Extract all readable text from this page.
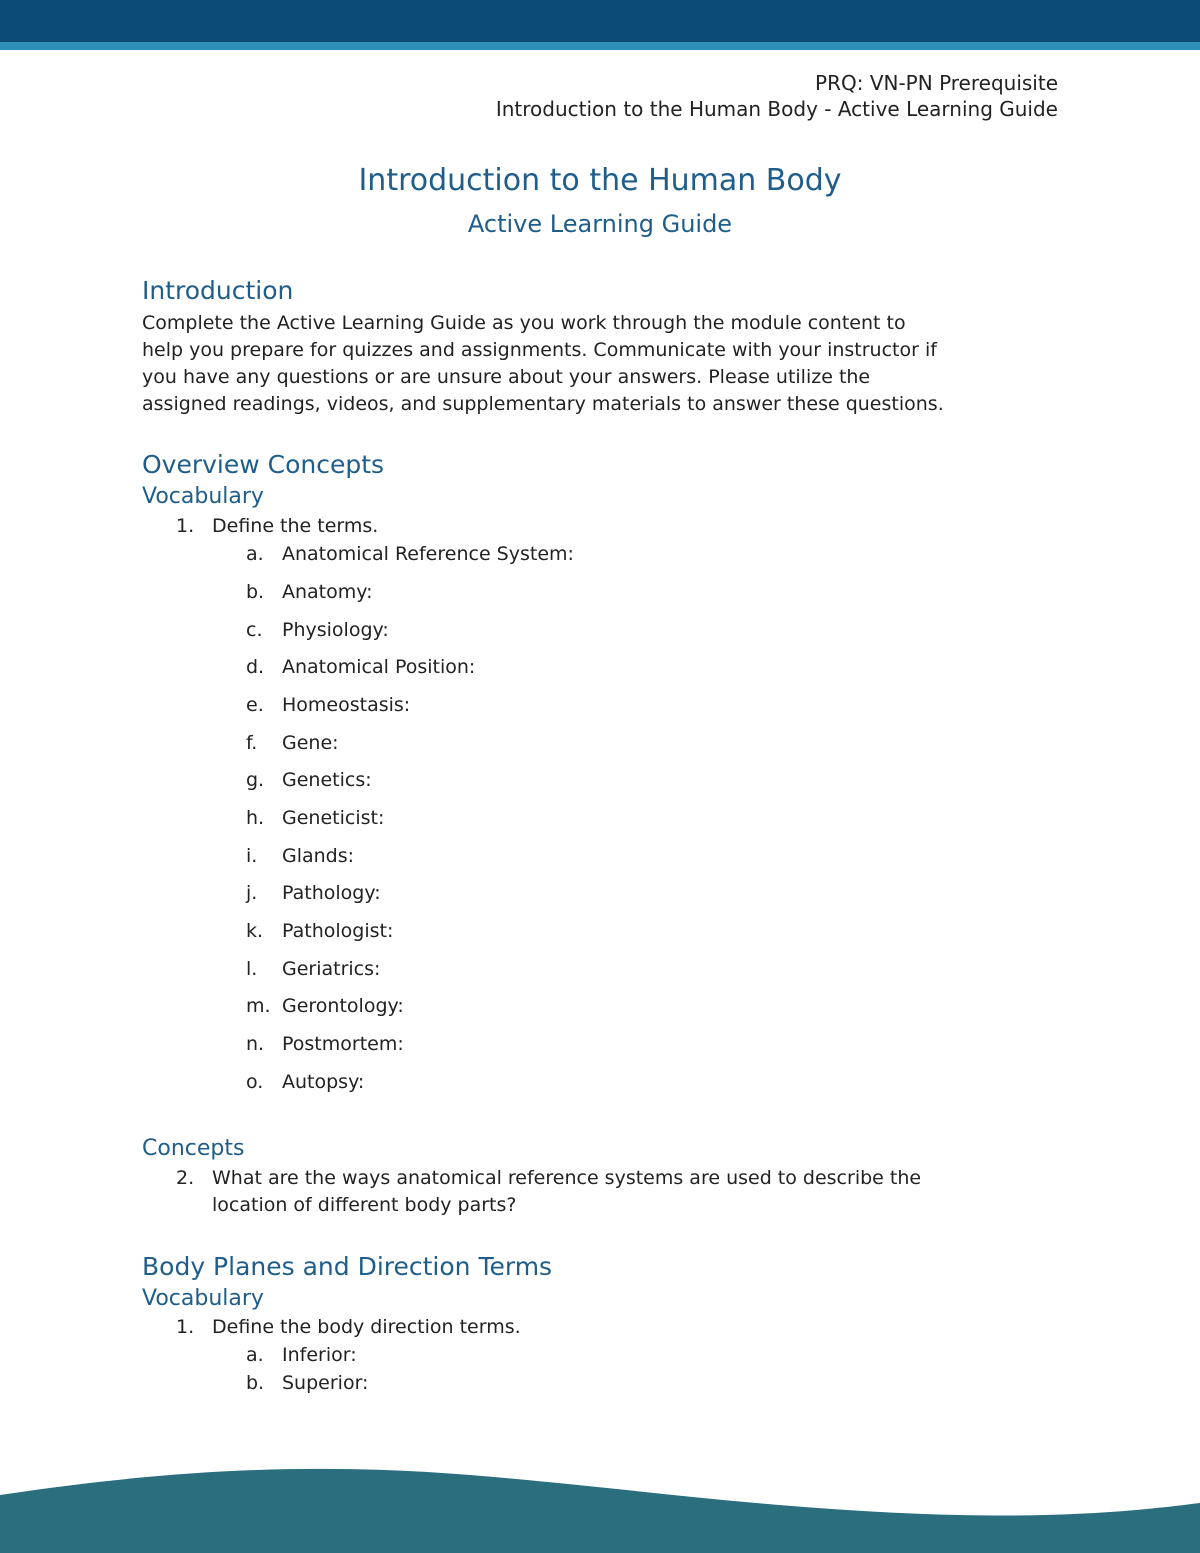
PRQ: VN-PN Prerequisite
Introduction to the Human Body - Active Learning Guide
Introduction to the Human Body
Active Learning Guide
Introduction
Complete the Active Learning Guide as you work through the module content to
help you prepare for quizzes and assignments. Communicate with your instructor if
you have any questions or are unsure about your answers. Please utilize the
assigned readings, videos, and supplementary materials to answer these questions.
Overview Concepts
Vocabulary
1. Define the terms.
a. Anatomical Reference System:
b. Anatomy:
c. Physiology:
d. Anatomical Position:
e. Homeostasis:
f. Gene:
g. Genetics:
h. Geneticist:
i. Glands:
j. Pathology:
k. Pathologist:
l. Geriatrics:
m. Gerontology:
n. Postmortem:
o. Autopsy:
Concepts
2. What are the ways anatomical reference systems are used to describe the
location of different body parts?
Body Planes and Direction Terms
Vocabulary
1. Define the body direction terms.
a. Inferior:
b. Superior:
